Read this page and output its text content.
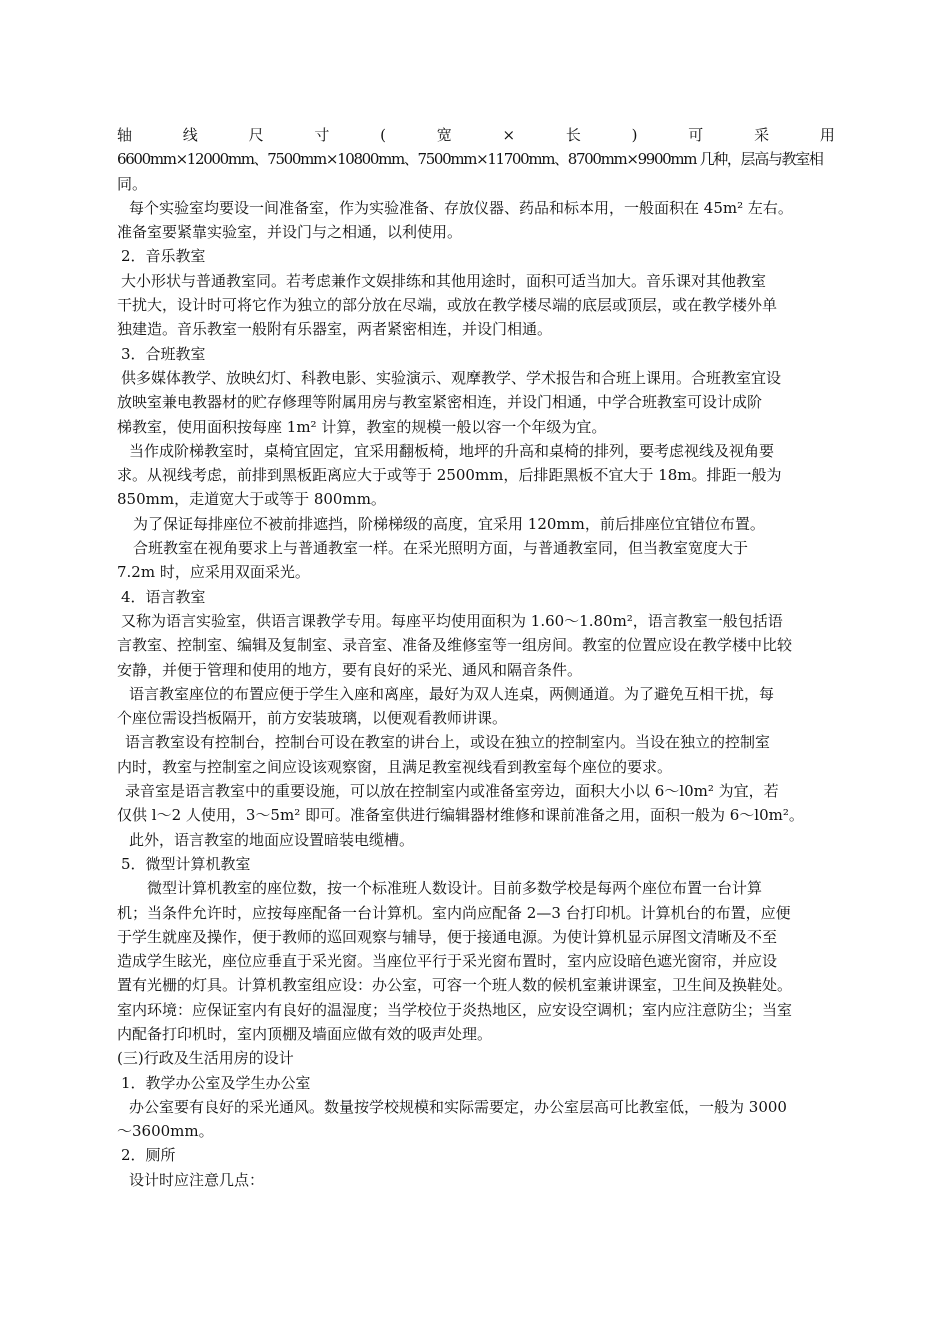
轴	线	尺	寸	(	宽	×	长	)	可	采	用
6600mm×12000mm、7500mm×10800mm、7500mm×11700mm、8700mm×9900mm 几种，层高与教室相
同。
每个实验室均要设一间准备室，作为实验准备、存放仪器、药品和标本用，一般面积在 45m² 左右。
准备室要紧靠实验室，并设门与之相通，以利使用。
2．音乐教室
大小形状与普通教室同。若考虑兼作文娱排练和其他用途时，面积可适当加大。音乐课对其他教室
干扰大，设计时可将它作为独立的部分放在尽端，或放在教学楼尽端的底层或顶层，或在教学楼外单
独建造。音乐教室一般附有乐器室，两者紧密相连，并设门相通。
3．合班教室
供多媒体教学、放映幻灯、科教电影、实验演示、观摩教学、学术报告和合班上课用。合班教室宜设
放映室兼电教器材的贮存修理等附属用房与教室紧密相连，并设门相通，中学合班教室可设计成阶
梯教室，使用面积按每座 1m² 计算，教室的规模一般以容一个年级为宜。
当作成阶梯教室时，桌椅宜固定，宜采用翻板椅，地坪的升高和桌椅的排列，要考虑视线及视角要
求。从视线考虑，前排到黑板距离应大于或等于 2500mm，后排距黑板不宜大于 18m。排距一般为
850mm，走道宽大于或等于 800mm。
为了保证每排座位不被前排遮挡，阶梯梯级的高度，宜采用 120mm，前后排座位宜错位布置。
合班教室在视角要求上与普通教室一样。在采光照明方面，与普通教室同，但当教室宽度大于
7.2m 时，应采用双面采光。
4．语言教室
又称为语言实验室，供语言课教学专用。每座平均使用面积为 1.60～1.80m²，语言教室一般包括语
言教室、控制室、编辑及复制室、录音室、准备及维修室等一组房间。教室的位置应设在教学楼中比较
安静，并便于管理和使用的地方，要有良好的采光、通风和隔音条件。
语言教室座位的布置应便于学生入座和离座，最好为双人连桌，两侧通道。为了避免互相干扰，每
个座位需设挡板隔开，前方安装玻璃，以便观看教师讲课。
语言教室设有控制台，控制台可设在教室的讲台上，或设在独立的控制室内。当设在独立的控制室
内时，教室与控制室之间应设该观察窗，且满足教室视线看到教室每个座位的要求。
录音室是语言教室中的重要设施，可以放在控制室内或准备室旁边，面积大小以 6～l0m² 为宜，若
仅供 l～2 人使用，3～5m² 即可。准备室供进行编辑器材维修和课前准备之用，面积一般为 6～l0m²。
此外，语言教室的地面应设置暗装电缆槽。
5．微型计算机教室
微型计算机教室的座位数，按一个标准班人数设计。目前多数学校是每两个座位布置一台计算
机；当条件允许时，应按每座配备一台计算机。室内尚应配备 2—3 台打印机。计算机台的布置，应便
于学生就座及操作，便于教师的巡回观察与辅导，便于接通电源。为使计算机显示屏图文清晰及不至
造成学生眩光，座位应垂直于采光窗。当座位平行于采光窗布置时，室内应设暗色遮光窗帘，并应设
置有光栅的灯具。计算机教室组应设：办公室，可容一个班人数的候机室兼讲课室，卫生间及换鞋处。
室内环境：应保证室内有良好的温湿度；当学校位于炎热地区，应安设空调机；室内应注意防尘；当室
内配备打印机时，室内顶棚及墙面应做有效的吸声处理。
(三)行政及生活用房的设计
1．教学办公室及学生办公室
办公室要有良好的采光通风。数量按学校规模和实际需要定，办公室层高可比教室低，一般为 3000
～3600mm。
2．厕所
设计时应注意几点：
